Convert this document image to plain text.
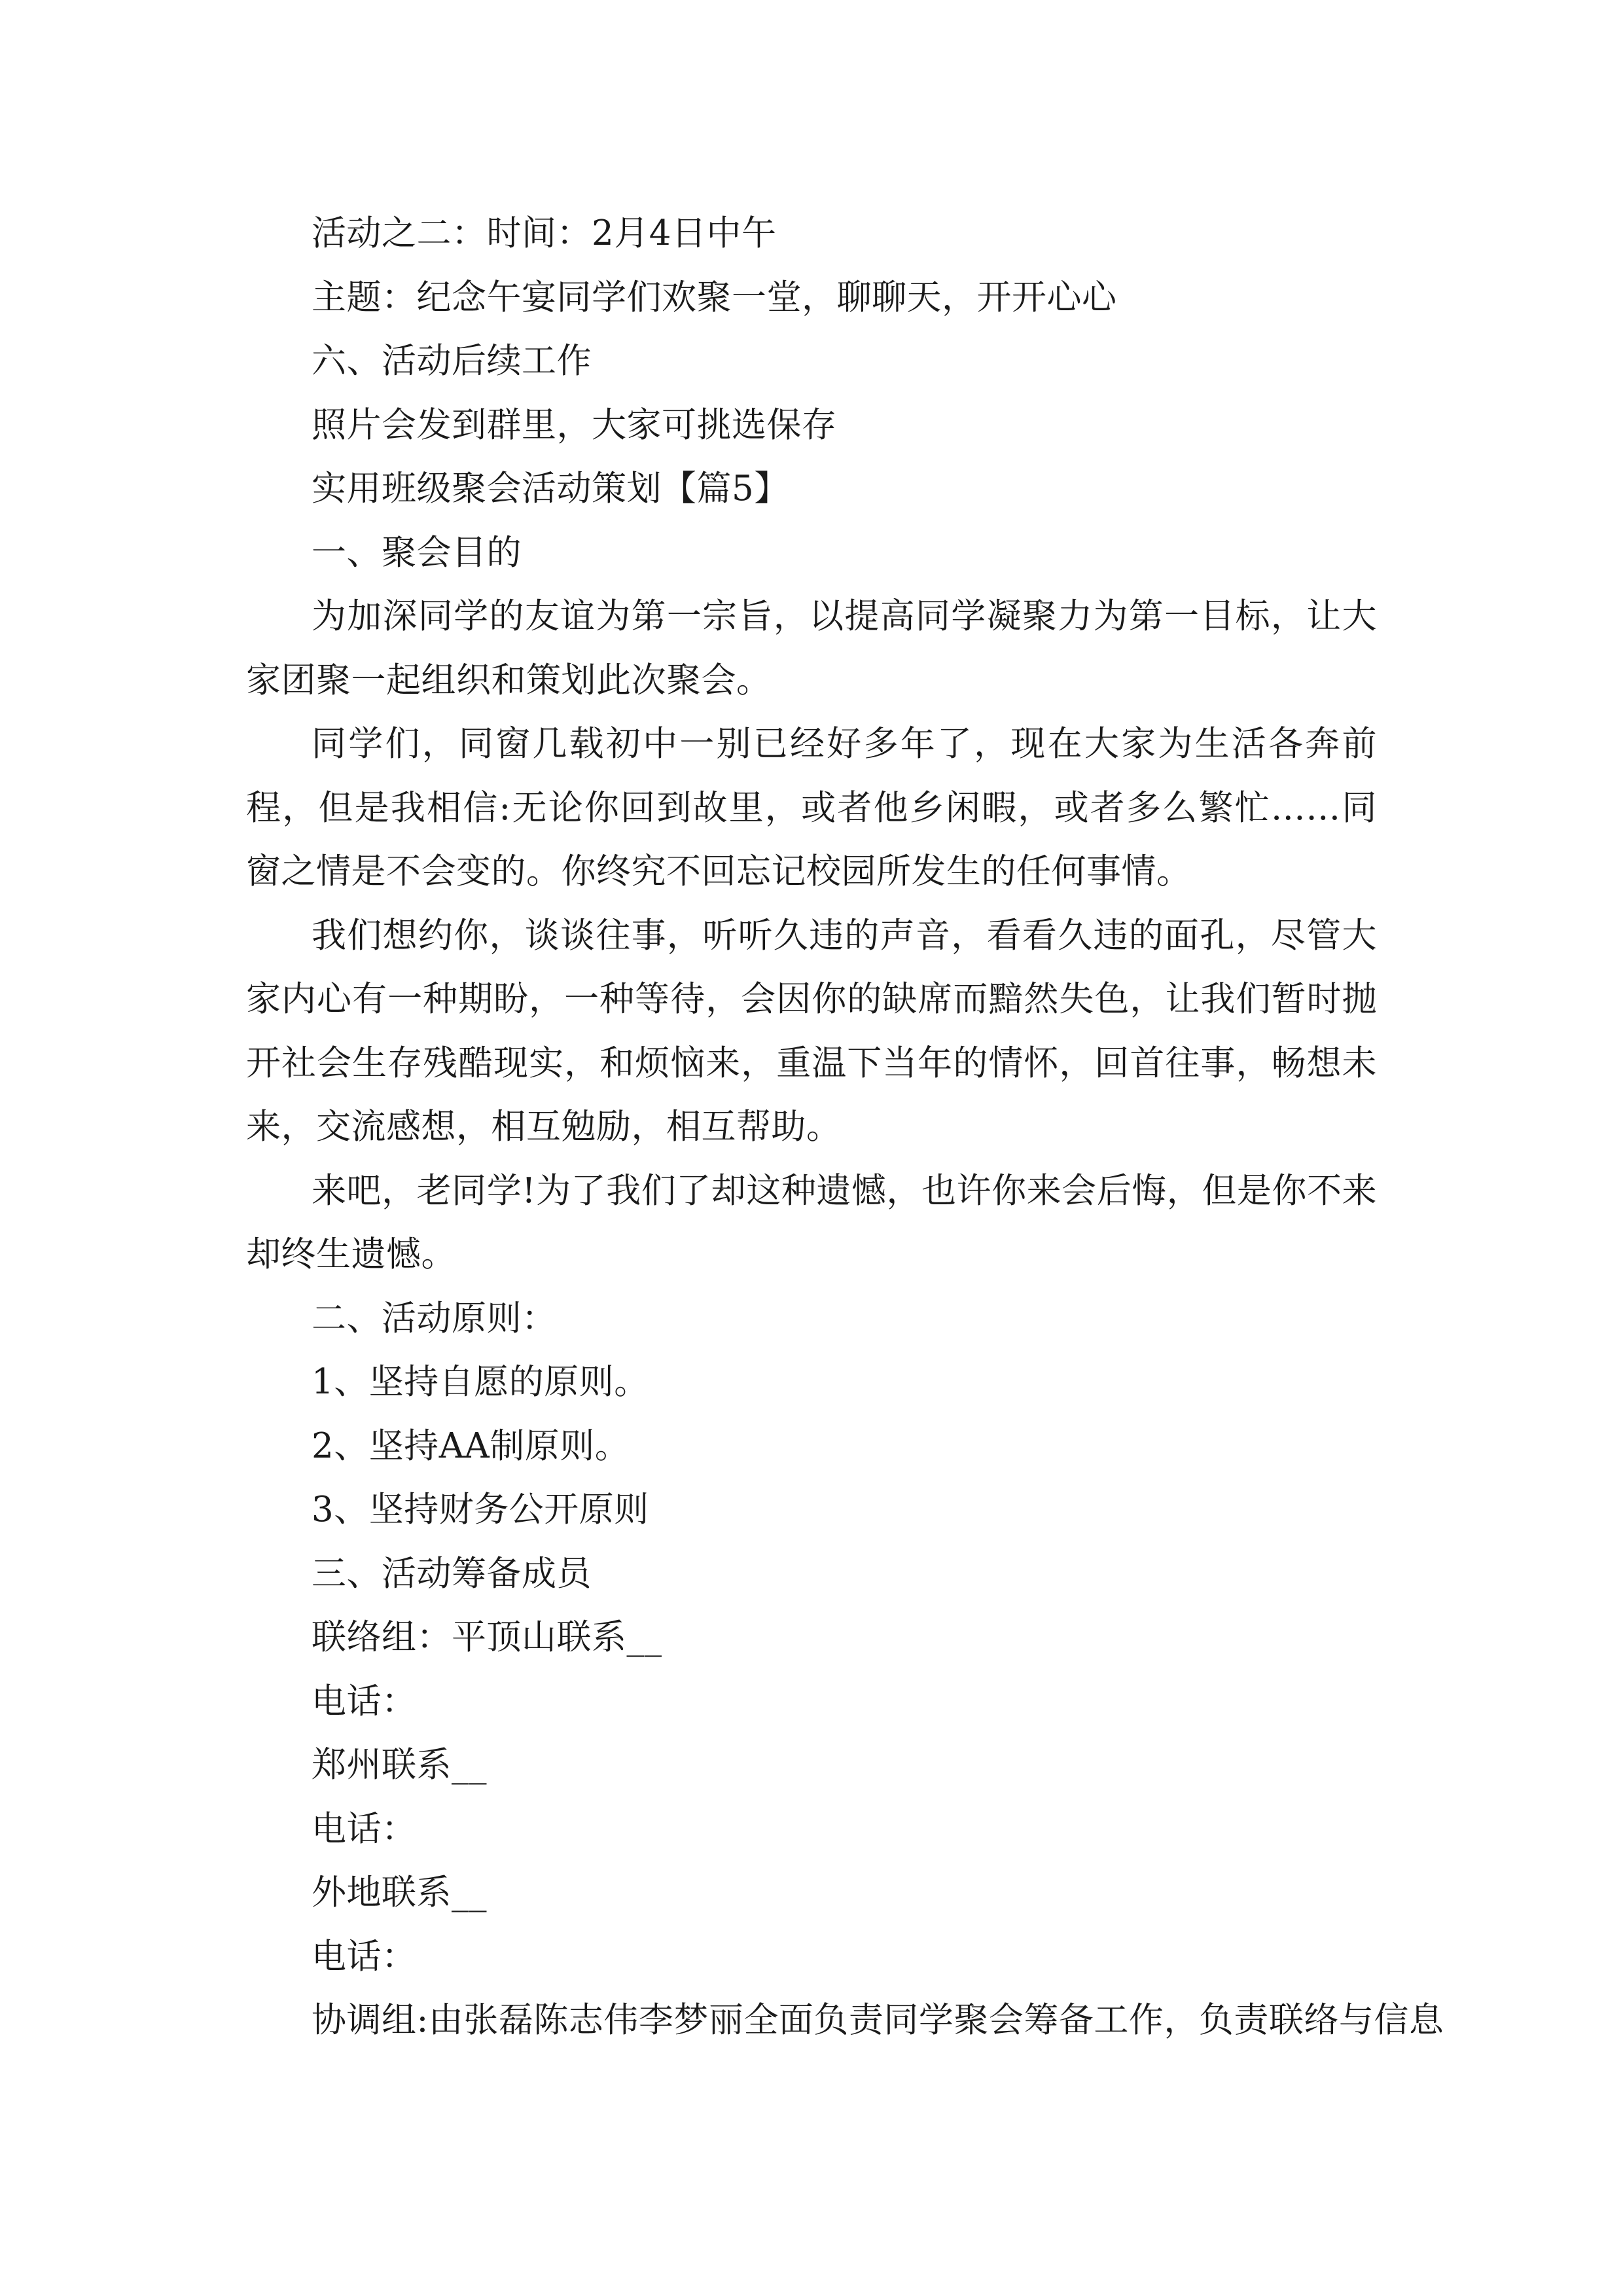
活动之二：时间：2月4日中午
主题：纪念午宴同学们欢聚一堂，聊聊天，开开心心
六、活动后续工作
照片会发到群里，大家可挑选保存
实用班级聚会活动策划【篇5】
一、聚会目的

为加深同学的友谊为第一宗旨，以提高同学凝聚力为第一目标，让大家团聚一起组织和策划此次聚会。

同学们，同窗几载初中一别已经好多年了，现在大家为生活各奔前程，但是我相信:无论你回到故里，或者他乡闲暇，或者多么繁忙……同窗之情是不会变的。你终究不回忘记校园所发生的任何事情。

我们想约你，谈谈往事，听听久违的声音，看看久违的面孔，尽管大家内心有一种期盼，一种等待，会因你的缺席而黯然失色，让我们暂时抛开社会生存残酷现实，和烦恼来，重温下当年的情怀，回首往事，畅想未来，交流感想，相互勉励，相互帮助。

来吧，老同学!为了我们了却这种遗憾，也许你来会后悔，但是你不来却终生遗憾。

二、活动原则：
1、坚持自愿的原则。
2、坚持AA制原则。
3、坚持财务公开原则
三、活动筹备成员
联络组：平顶山联系__
电话：
郑州联系__
电话：
外地联系__
电话：
协调组:由张磊陈志伟李梦丽全面负责同学聚会筹备工作，负责联络与信息
